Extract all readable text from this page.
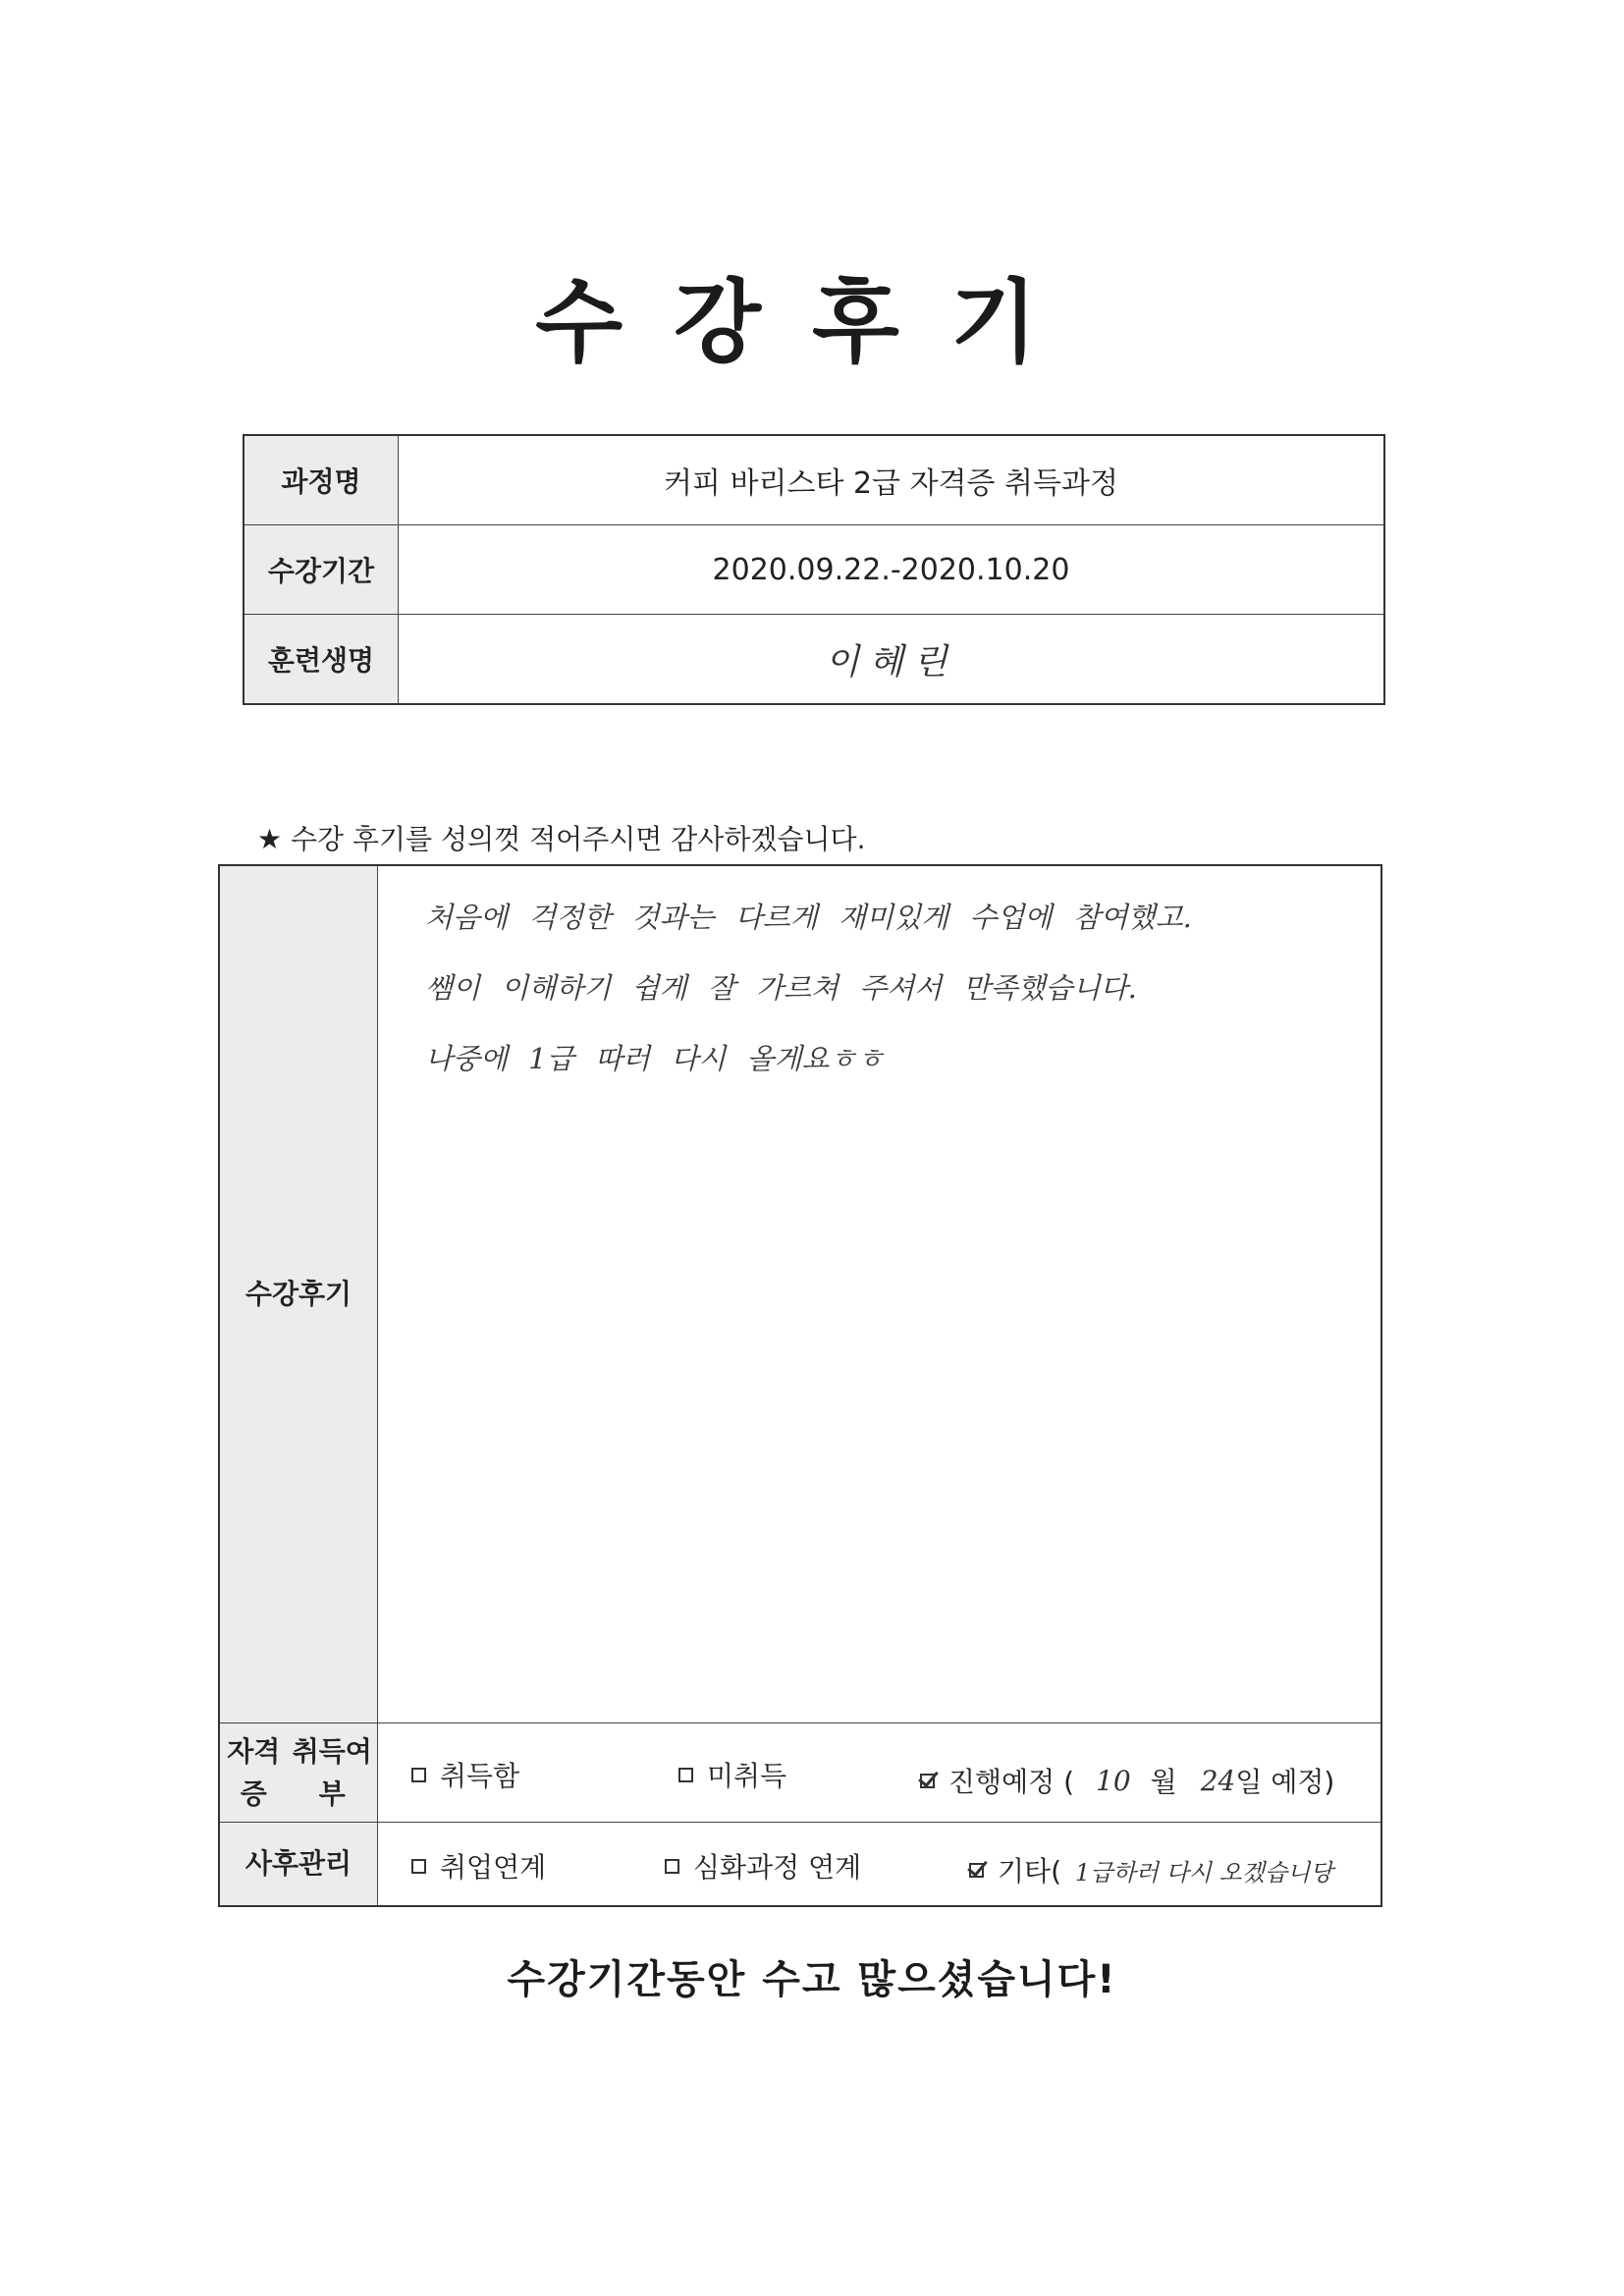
수강후기
과정명	커피 바리스타 2급 자격증 취득과정
수강기간	2020.09.22.-2020.10.20
훈련생명	이혜린
★ 수강 후기를 성의껏 적어주시면 감사하겠습니다.
수강후기
처음에 걱정한 것과는 다르게 재미있게 수업에 참여했고.
쌤이 이해하기 쉽게 잘 가르쳐 주셔서 만족했습니다.
나중에 1급 따러 다시 올게요ㅎㅎ
자격증

취득여부
취득함	미취득	진행예정 ( 10 월 24 일 예정)
사후관리	취업연계	심화과정 연계	기타( 1급하러 다시 오겠습니당
수강기간동안 수고 많으셨습니다!
